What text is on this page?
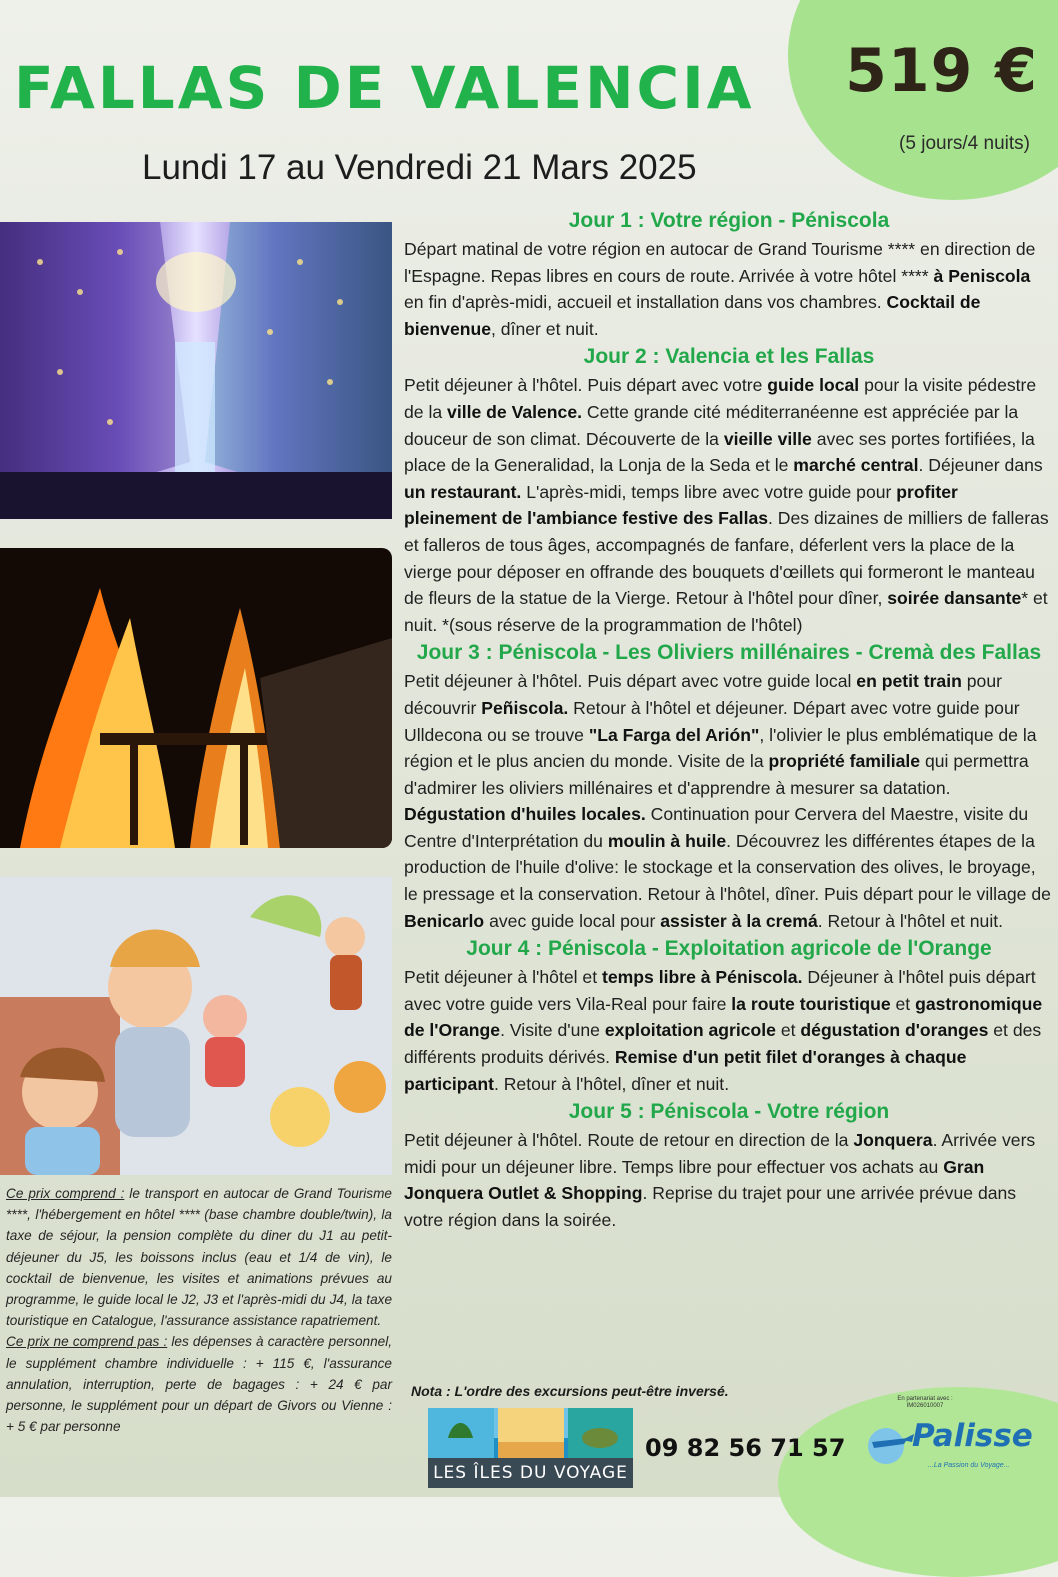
FALLAS DE VALENCIA

Lundi 17 au Vendredi 21 Mars 2025

519 €
(5 jours/4 nuits)
Jour 1 : Votre région - Péniscola

Départ matinal de votre région en autocar de Grand Tourisme **** en direction de l'Espagne. Repas libres en cours de route. Arrivée à votre hôtel **** à Peniscola en fin d'après-midi, accueil et installation dans vos chambres. Cocktail de bienvenue, dîner et nuit.

Jour 2 : Valencia et les Fallas

Petit déjeuner à l'hôtel. Puis départ avec votre guide local pour la visite pédestre de la ville de Valence. Cette grande cité méditerranéenne est appréciée par la douceur de son climat. Découverte de la vieille ville avec ses portes fortifiées, la place de la Generalidad, la Lonja de la Seda et le marché central. Déjeuner dans un restaurant. L'après-midi, temps libre avec votre guide pour profiter pleinement de l'ambiance festive des Fallas. Des dizaines de milliers de falleras et falleros de tous âges, accompagnés de fanfare, déferlent vers la place de la vierge pour déposer en offrande des bouquets d'œillets qui formeront le manteau de fleurs de la statue de la Vierge. Retour à l'hôtel pour dîner, soirée dansante* et nuit. *(sous réserve de la programmation de l'hôtel)

Jour 3 : Péniscola - Les Oliviers millénaires - Cremà des Fallas

Petit déjeuner à l'hôtel. Puis départ avec votre guide local en petit train pour découvrir Peñiscola. Retour à l'hôtel et déjeuner. Départ avec votre guide pour Ulldecona ou se trouve "La Farga del Arión", l'olivier le plus emblématique de la région et le plus ancien du monde. Visite de la propriété familiale qui permettra d'admirer les oliviers millénaires et d'apprendre à mesurer sa datation. Dégustation d'huiles locales. Continuation pour Cervera del Maestre, visite du Centre d'Interprétation du moulin à huile. Découvrez les différentes étapes de la production de l'huile d'olive: le stockage et la conservation des olives, le broyage, le pressage et la conservation. Retour à l'hôtel, dîner. Puis départ pour le village de Benicarlo avec guide local pour assister à la cremá. Retour à l'hôtel et nuit.

Jour 4 : Péniscola - Exploitation agricole de l'Orange

Petit déjeuner à l'hôtel et temps libre à Péniscola. Déjeuner à l'hôtel puis départ avec votre guide vers Vila-Real pour faire la route touristique et gastronomique de l'Orange. Visite d'une exploitation agricole et dégustation d'oranges et des différents produits dérivés. Remise d'un petit filet d'oranges à chaque participant. Retour à l'hôtel, dîner et nuit.

Jour 5 : Péniscola - Votre région

Petit déjeuner à l'hôtel. Route de retour en direction de la Jonquera. Arrivée vers midi pour un déjeuner libre. Temps libre pour effectuer vos achats au Gran Jonquera Outlet & Shopping. Reprise du trajet pour une arrivée prévue dans votre région dans la soirée.

Ce prix comprend : le transport en autocar de Grand Tourisme ****, l'hébergement en hôtel **** (base chambre double/twin), la taxe de séjour, la pension complète du diner du J1 au petit-déjeuner du J5, les boissons inclus (eau et 1/4 de vin), le cocktail de bienvenue, les visites et animations prévues au programme, le guide local le J2, J3 et l'après-midi du J4, la taxe touristique en Catalogue, l'assurance assistance rapatriement.

Ce prix ne comprend pas : les dépenses à caractère personnel, le supplément chambre individuelle : + 115 €, l'assurance annulation, interruption, perte de bagages : + 24 € par personne, le supplément pour un départ de Givors ou Vienne : + 5 € par personne

Nota : L'ordre des excursions peut-être inversé.
LES ÎLES DU VOYAGE
09 82 56 71 57
En partenariat avec : IM026010007
Palisse
...La Passion du Voyage...
